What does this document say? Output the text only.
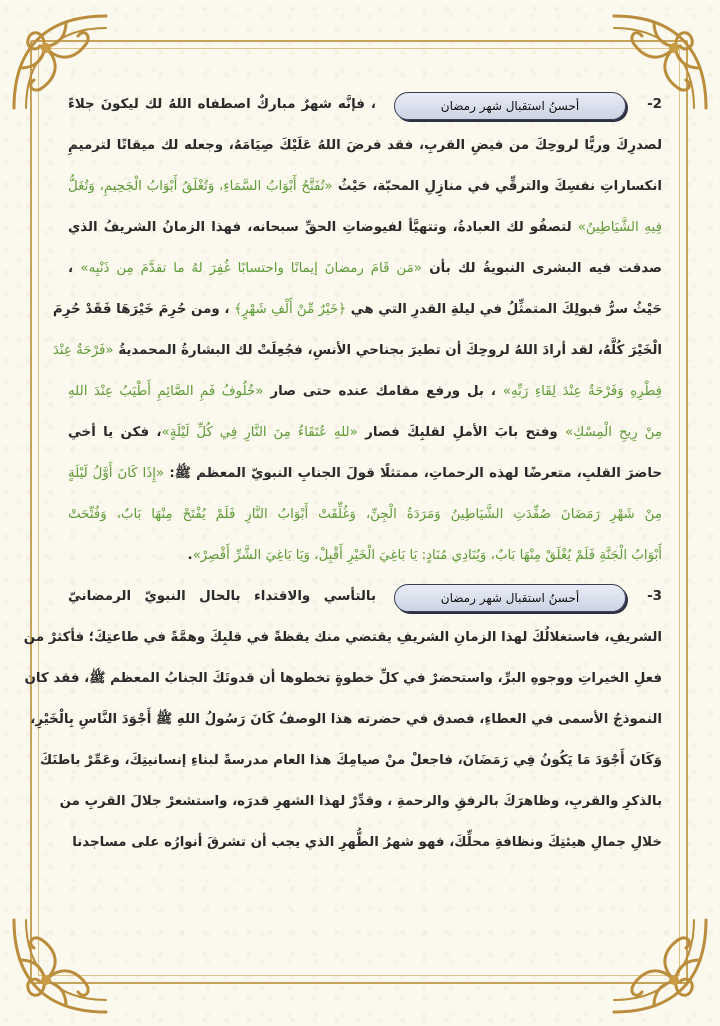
2-
أحسنُ استقبال شهر رمضان
، فإنَّه شهرٌ مباركٌ اصطفاه اللهُ لك ليكونَ جلاءً
لصدرِكَ وريًّا لروحِكَ من فيضِ القربِ، فقد فرضَ اللهُ عَلَيْكَ صِيَامَهُ، وجعله لك ميقاتًا لترميمِ
انكساراتِ نفسِكَ والترقِّي في منازِلِ المحبّة، حَيْثُ «تُفَتَّحُ أَبْوَابُ السَّمَاءِ، وَتُغْلَقُ أَبْوَابُ الْجَحِيمِ، وَتُغَلُّ
فِيهِ الشَّيَاطِينُ» لتصفُو لك العبادةُ، وتتهيَّأ لفيوضاتِ الحقِّ سبحانه، فهذا الزمانُ الشريفُ الذي
صدقت فيه البشرى النبويةُ لك بأن «مَن قَامَ رمضانَ إيمانًا واحتسابًا غُفِرَ لهُ ما تقدَّمَ مِن ذَنْبِه» ،
حَيْثُ سرُّ قبولِكَ المتمثِّلُ في ليلةِ القدرِ التي هي ﴿خَيْرٌ مِّنْ أَلْفِ شَهْرٍ﴾ ، ومن حُرِمَ خَيْرَهَا فَقَدْ حُرِمَ
الْخَيْرَ كُلَّهُ، لقد أرادَ اللهُ لروحِكَ أن تطيرَ بجناحي الأنسِ، فجُعِلَتْ لك البشارةُ المحمديةُ «فَرْحَةٌ عِنْدَ
فِطْرِهِ وَفَرْحَةٌ عِنْدَ لِقَاءِ رَبِّهِ» ، بل ورفع مقامك عنده حتى صار «خُلُوفُ فَمِ الصَّائِمِ أَطْيَبُ عِنْدَ اللهِ
مِنْ رِيحِ الْمِسْكِ» وفتح بابَ الأملِ لقلبِكَ فصار «للهِ عُتَقَاءُ مِنَ النَّارِ فِي كُلِّ لَيْلَةٍ»، فكن يا أخي
حاضرَ القلبِ، متعرضًا لهذه الرحماتِ، ممتثلًا قولَ الجنابِ النبويّ المعظم ﷺ: «إِذَا كَانَ أَوَّلُ لَيْلَةٍ
مِنْ شَهْرِ رَمَضَانَ صُفِّدَتِ الشَّيَاطِينُ وَمَرَدَةُ الْجِنِّ، وَغُلِّقَتْ أَبْوَابُ النَّارِ فَلَمْ يُفْتَحْ مِنْهَا بَابٌ، وَفُتِّحَتْ
أَبْوَابُ الْجَنَّةِ فَلَمْ يُغْلَقْ مِنْهَا بَابٌ، وَيُنَادِي مُنَادٍ: يَا بَاغِيَ الْخَيْرِ أَقْبِلْ، وَيَا بَاغِيَ الشَّرِّ أَقْصِرْ».
3-
أحسنُ استقبال شهر رمضان
بالتأسي والاقتداء بالحال النبويّ الرمضانيّ
الشريفِ، فاستغلالُكَ لهذا الزمانِ الشريفِ يقتضي منك يقظةً في قلبِكَ وهمَّةً في طاعتِكَ؛ فأكثرْ من
فعلِ الخيراتِ ووجوهِ البرِّ، واستحضرْ في كلِّ خطوةٍ تخطوها أن قدوتَكَ الجنابُ المعظم ﷺ، فقد كان
النموذجُ الأسمى في العطاءِ، فصدق في حضرته هذا الوصفُ كَانَ رَسُولُ اللهِ ﷺ أَجْوَدَ النَّاسِ بِالْخَيْرِ،
وَكَانَ أَجْوَدَ مَا يَكُونُ فِي رَمَضَانَ، فاجعلْ منْ صيامِكَ هذا العام مدرسةً لبناءِ إنسانيتِكَ، وعَمِّرْ باطنَكَ
بالذكرِ والقربِ، وظاهرَكَ بالرفقِ والرحمةِ ، وقدِّرْ لهذا الشهرِ قدرَه، واستشعرْ جلالَ القربِ من
خلالِ جمالِ هيئتِكَ ونظافةِ محلِّكَ، فهو شهرُ الطُّهرِ الذي يجب أن تشرقَ أنوارُه على مساجدنا
